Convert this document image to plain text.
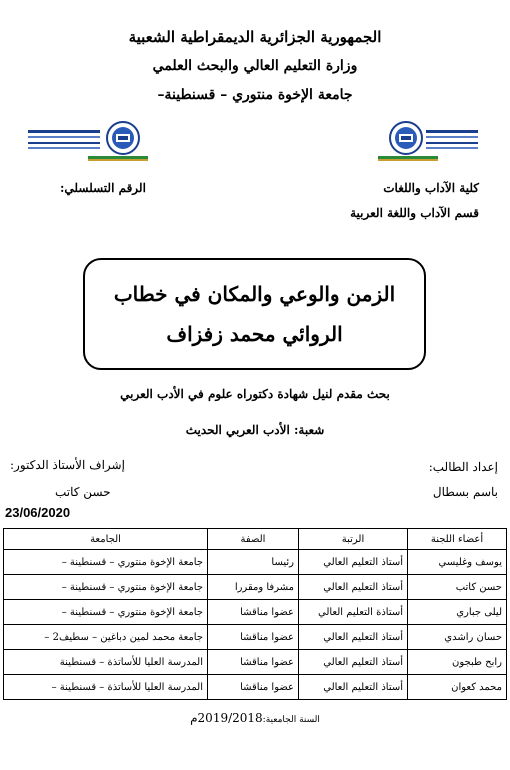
الجمهورية الجزائرية الديمقراطية الشعبية
وزارة التعليم العالي والبحث العلمي
جامعة الإخوة منتوري – قسنطينة–
كلية الآداب واللغات
قسم الآداب واللغة العربية
الرقم التسلسلي:
الزمن والوعي والمكان في خطاب
الروائي محمد زفزاف
بحث مقدم لنيل شهادة دكتوراه علوم في الأدب العربي
شعبة: الأدب العربي الحديث
إعداد الطالب:
باسم بسطال
إشراف الأستاذ الدكتور:
حسن كاتب
23/06/2020
أعضاء اللجنة	الرتبة	الصفة	الجامعة
يوسف وغليسي	أستاذ التعليم العالي	رئيسا	جامعة الإخوة منتوري – قسنطينة –
حسن كاتب	أستاذ التعليم العالي	مشرفا ومقررا	جامعة الإخوة منتوري – قسنطينة –
ليلى جباري	أستاذة التعليم العالي	عضوا مناقشا	جامعة الإخوة منتوري – قسنطينة –
حسان راشدي	أستاذ التعليم العالي	عضوا مناقشا	جامعة محمد لمين دباغين – سطيف2 –
رابح طبجون	أستاذ التعليم العالي	عضوا مناقشا	المدرسة العليا للأساتذة – قسنطينة
محمد كعوان	أستاذ التعليم العالي	عضوا مناقشا	المدرسة العليا للأساتذة – قسنطينة –
السنة الجامعية:2019/2018م
